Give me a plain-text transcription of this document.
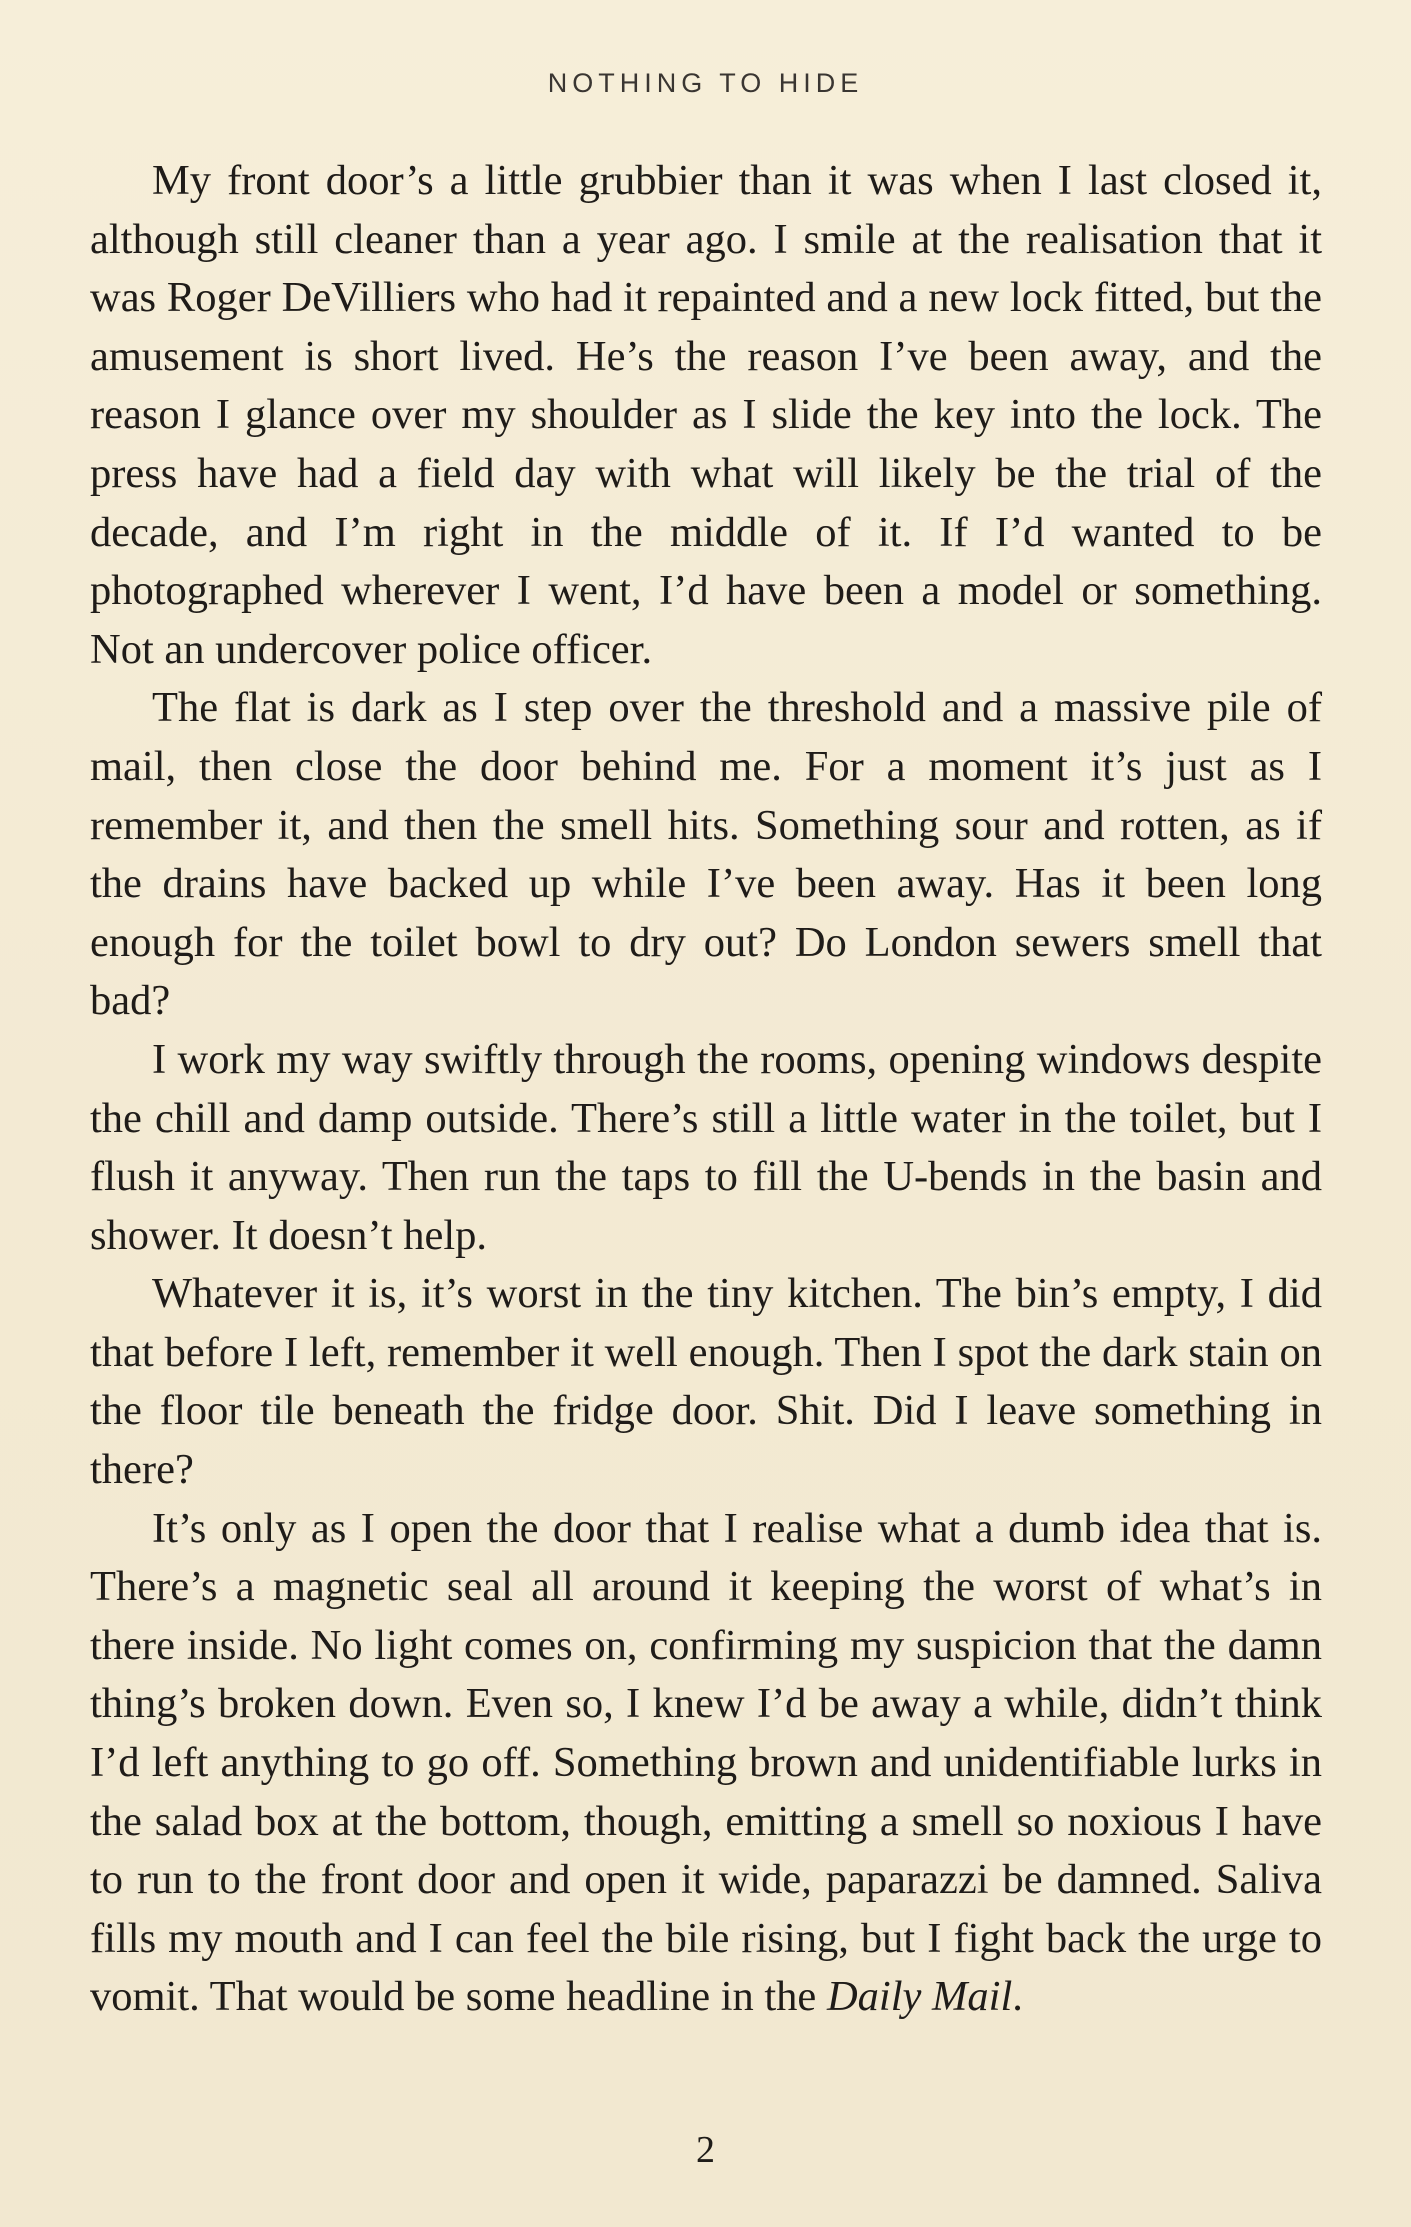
NOTHING TO HIDE

My front door’s a little grubbier than it was when I last closed it, although still cleaner than a year ago. I smile at the realisation that it was Roger DeVilliers who had it repainted and a new lock fitted, but the amusement is short lived. He’s the reason I’ve been away, and the reason I glance over my shoulder as I slide the key into the lock. The press have had a field day with what will likely be the trial of the decade, and I’m right in the middle of it. If I’d wanted to be photographed wherever I went, I’d have been a model or something. Not an undercover police officer.

The flat is dark as I step over the threshold and a massive pile of mail, then close the door behind me. For a moment it’s just as I remember it, and then the smell hits. Something sour and rotten, as if the drains have backed up while I’ve been away. Has it been long enough for the toilet bowl to dry out? Do London sewers smell that bad?

I work my way swiftly through the rooms, opening windows despite the chill and damp outside. There’s still a little water in the toilet, but I flush it anyway. Then run the taps to fill the U-bends in the basin and shower. It doesn’t help.

Whatever it is, it’s worst in the tiny kitchen. The bin’s empty, I did that before I left, remember it well enough. Then I spot the dark stain on the floor tile beneath the fridge door. Shit. Did I leave something in there?

It’s only as I open the door that I realise what a dumb idea that is. There’s a magnetic seal all around it keeping the worst of what’s in there inside. No light comes on, confirming my suspicion that the damn thing’s broken down. Even so, I knew I’d be away a while, didn’t think I’d left anything to go off. Something brown and unidentifiable lurks in the salad box at the bottom, though, emitting a smell so noxious I have to run to the front door and open it wide, paparazzi be damned. Saliva fills my mouth and I can feel the bile rising, but I fight back the urge to vomit. That would be some headline in the Daily Mail.

2
